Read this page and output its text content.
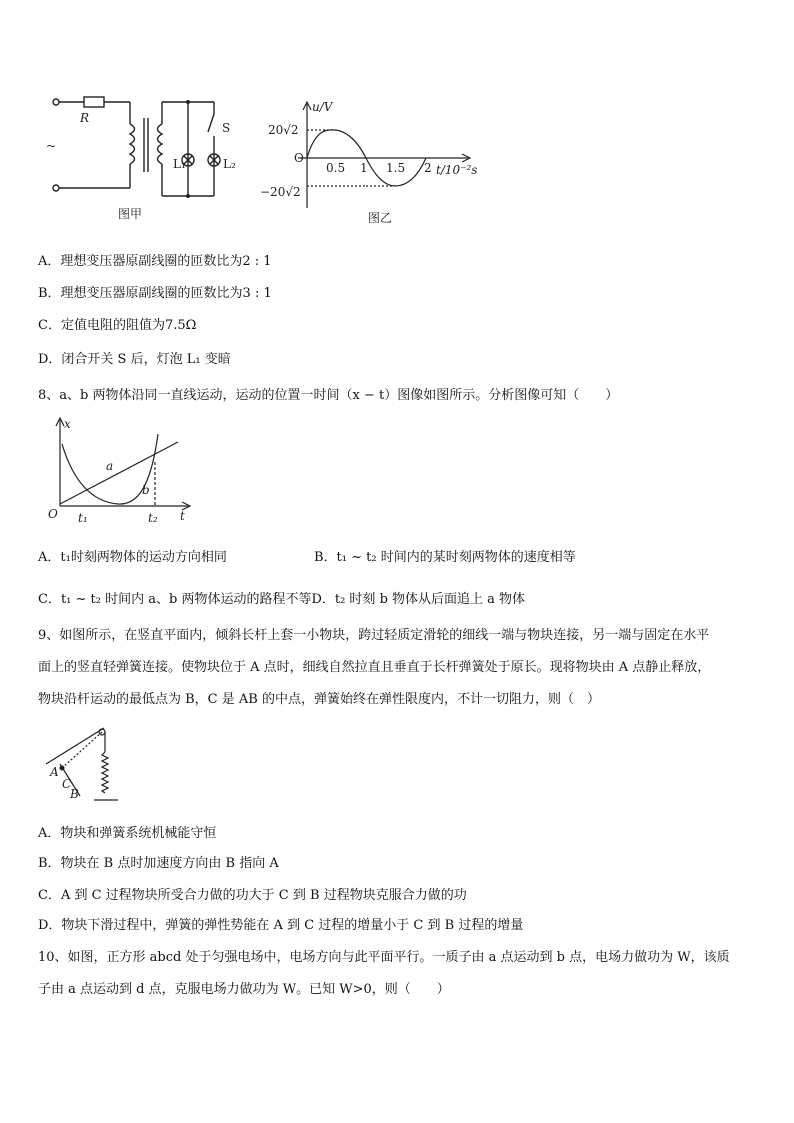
R
S
L₁	L₂
~
图甲
u/V
O
20√2
−20√2
0.5 1 1.5 2 t/10⁻²s
图乙
A．理想变压器原副线圈的匝数比为2 : 1
B．理想变压器原副线圈的匝数比为3 : 1
C．定值电阻的阻值为7.5Ω
D．闭合开关 S 后，灯泡 L₁ 变暗
8、a、b 两物体沿同一直线运动，运动的位置一时间（x − t）图像如图所示。分析图像可知（　　）
x
t
O
a
b
t₁	t₂
A．t₁时刻两物体的运动方向相同	B．t₁ ~ t₂ 时间内的某时刻两物体的速度相等
C．t₁ ~ t₂ 时间内 a、b 两物体运动的路程不等D．t₂ 时刻 b 物体从后面追上 a 物体
9、如图所示，在竖直平面内，倾斜长杆上套一小物块，跨过轻质定滑轮的细线一端与物块连接，另一端与固定在水平
面上的竖直轻弹簧连接。使物块位于 A 点时，细线自然拉直且垂直于长杆弹簧处于原长。现将物块由 A 点静止释放，
物块沿杆运动的最低点为 B，C 是 AB 的中点，弹簧始终在弹性限度内，不计一切阻力，则（　）
A
C
B
A．物块和弹簧系统机械能守恒
B．物块在 B 点时加速度方向由 B 指向 A
C．A 到 C 过程物块所受合力做的功大于 C 到 B 过程物块克服合力做的功
D．物块下滑过程中，弹簧的弹性势能在 A 到 C 过程的增量小于 C 到 B 过程的增量
10、如图，正方形 abcd 处于匀强电场中，电场方向与此平面平行。一质子由 a 点运动到 b 点，电场力做功为 W，该质
子由 a 点运动到 d 点，克服电场力做功为 W。已知 W>0，则（　　）
